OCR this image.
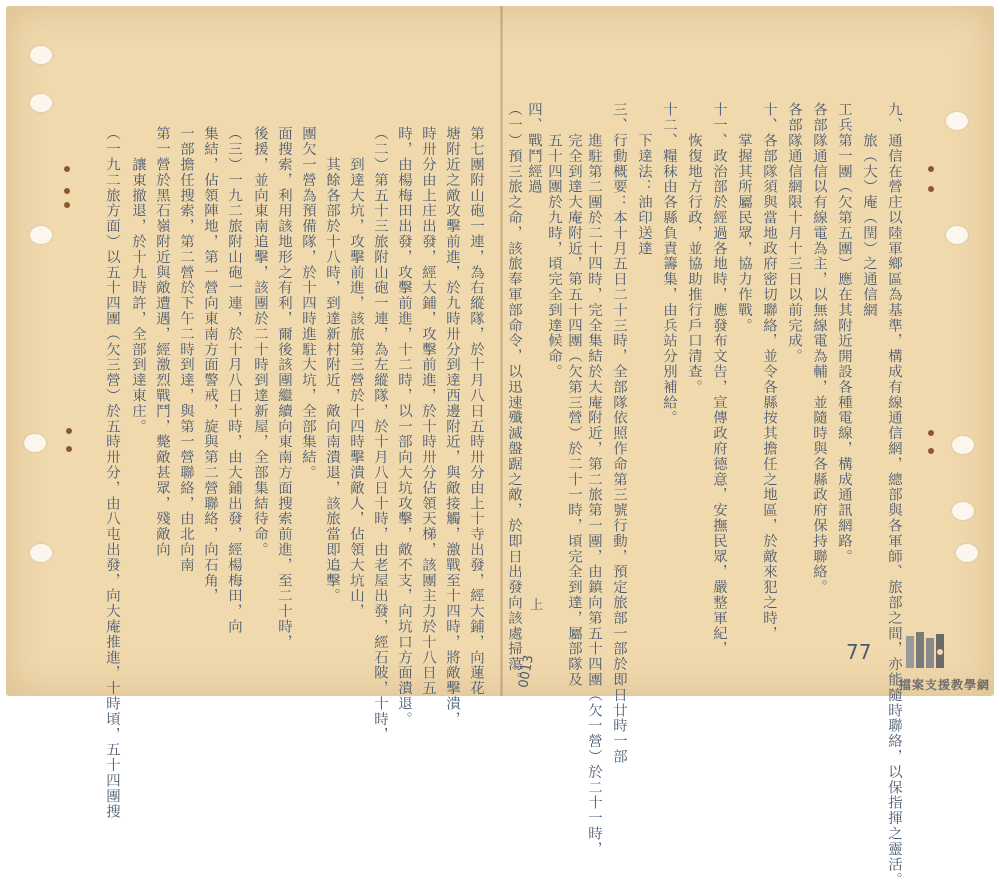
九、通信在營庄以陸軍鄉區為基準，構成有線通信網，總部與各軍師、旅部之間，亦能隨時聯絡，以保指揮之靈活。
　　旅（大）庵（閏）之通信網
工兵第一團（欠第五團）應在其附近開設各種電線，構成通訊網路。
各部隊通信以有線電為主，以無線電為輔，並隨時與各縣政府保持聯絡。
各部隊通信網限十月十三日以前完成。
十、各部隊須與當地政府密切聯絡，並令各縣按其擔任之地區，於敵來犯之時，
　　掌握其所屬民眾，協力作戰。
十一、政治部於經過各地時，應發布文告，宣傳政府德意，安撫民眾，嚴整軍紀，
　　恢復地方行政，並協助推行戶口清查。
十二、糧秣由各縣負責籌集，由兵站分別補給。
　　下達法：油印送達
三、行動概要：本十月五日二十三時，全部隊依照作命第三號行動，預定旅部一部於即日廿時一部
　　進駐第二團於二十四時，完全集結於大庵附近，第二旅第一團，由鎮向第五十四團（欠一營）於二十一時，
　　完全到達大庵附近，第五十四團（欠第三營）於二十一時，頃完全到達，屬部隊及
　　五十四團於九時，頃完全到達候命。
四、戰鬥經過
（一）預三旅之命，該旅奉軍部命令，以迅速殲滅盤踞之敵，於即日出發向該處掃蕩。
第七團附山砲一連，為右縱隊，於十月八日五時卅分由上十寺出發，經大鋪，向蓮花
塘附近之敵攻擊前進，於九時卅分到達西邊附近，與敵接觸，激戰至十四時，將敵擊潰，
時卅分由上庄出發，經大鋪，攻擊前進，於十時卅分佔領天梯，該團主力於十八日五
時，由楊梅田出發，攻擊前進，十二時，以一部向大坑攻擊，敵不支，向坑口方面潰退。
（二）第五十三旅附山砲一連，為左縱隊，於十月八日十時，由老屋出發，經石陂，十時，
　　到達大坑，攻擊前進，該旅第三營於十四時擊潰敵人，佔領大坑山，
　　其餘各部於十八時，到達新村附近，敵向南潰退，該旅當即追擊。
團欠一營為預備隊，於十四時進駐大坑，全部集結。
面搜索，利用該地形之有利，爾後該團繼續向東南方面搜索前進，至二十時，
後援，並向東南追擊，該團於二十時到達新屋，全部集結待命。
（三）一九二旅附山砲一連，於十月八日十時，由大鋪出發，經楊梅田，向
集結，佔領陣地，第一營向東南方面警戒，旋與第二營聯絡，向石角，
一部擔任搜索，第二營於下午二時到達，與第一營聯絡，由北向南
第一營於黑石嶺附近與敵遭遇，經激烈戰鬥，斃敵甚眾，殘敵向
　　讓東撤退，於十九時許，全部到達東庄。
（一九二旅方面）以五十四團（欠三營）於五時卅分，由八屯出發，向大庵推進，十時頃，五十四團搜	上
0013
77
檔案支援教學網
